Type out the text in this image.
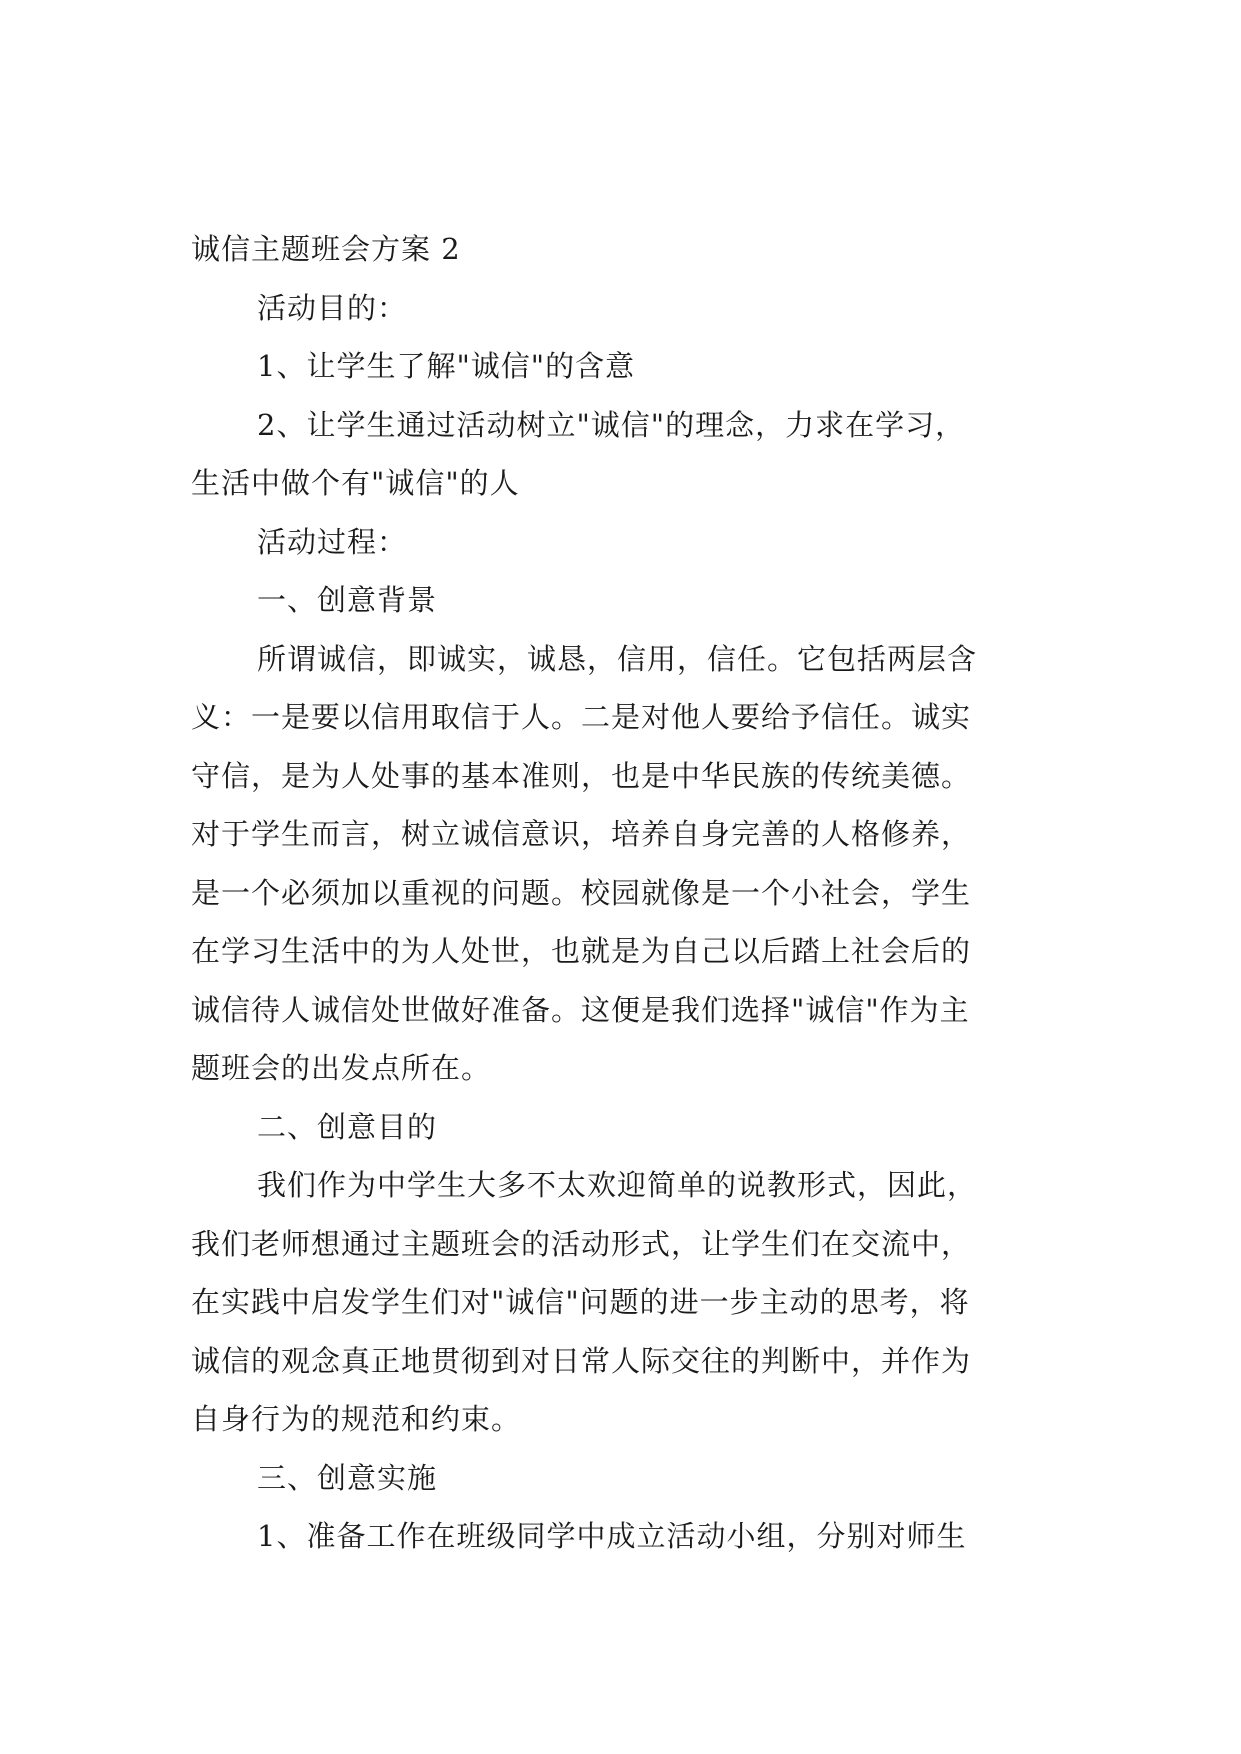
诚信主题班会方案 2
活动目的：
1、让学生了解"诚信"的含意
2、让学生通过活动树立"诚信"的理念，力求在学习，
生活中做个有"诚信"的人
活动过程：
一、创意背景
所谓诚信，即诚实，诚恳，信用，信任。它包括两层含
义：一是要以信用取信于人。二是对他人要给予信任。诚实
守信，是为人处事的基本准则，也是中华民族的传统美德。
对于学生而言，树立诚信意识，培养自身完善的人格修养，
是一个必须加以重视的问题。校园就像是一个小社会，学生
在学习生活中的为人处世，也就是为自己以后踏上社会后的
诚信待人诚信处世做好准备。这便是我们选择"诚信"作为主
题班会的出发点所在。
二、创意目的
我们作为中学生大多不太欢迎简单的说教形式，因此，
我们老师想通过主题班会的活动形式，让学生们在交流中，
在实践中启发学生们对"诚信"问题的进一步主动的思考，将
诚信的观念真正地贯彻到对日常人际交往的判断中，并作为
自身行为的规范和约束。
三、创意实施
1、准备工作在班级同学中成立活动小组，分别对师生
